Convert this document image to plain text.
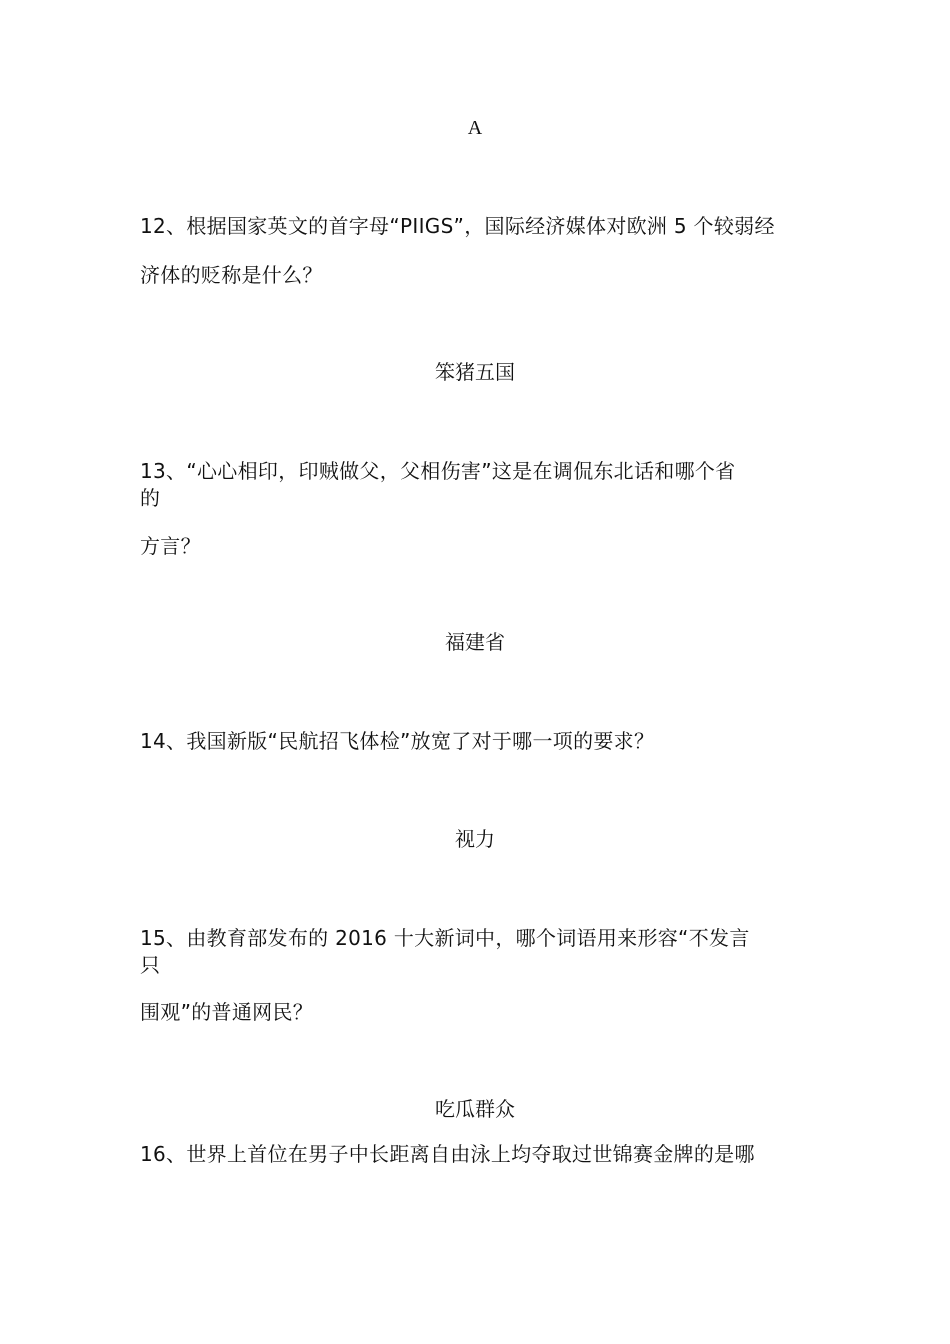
A
12、根据国家英文的首字母“PIIGS”，国际经济媒体对欧洲 5 个较弱经
济体的贬称是什么？
笨猪五国
13、“心心相印，印贼做父，父相伤害”这是在调侃东北话和哪个省
的
方言？
福建省
14、我国新版“民航招飞体检”放宽了对于哪一项的要求？
视力
15、由教育部发布的 2016 十大新词中，哪个词语用来形容“不发言
只
围观”的普通网民？
吃瓜群众
16、世界上首位在男子中长距离自由泳上均夺取过世锦赛金牌的是哪
